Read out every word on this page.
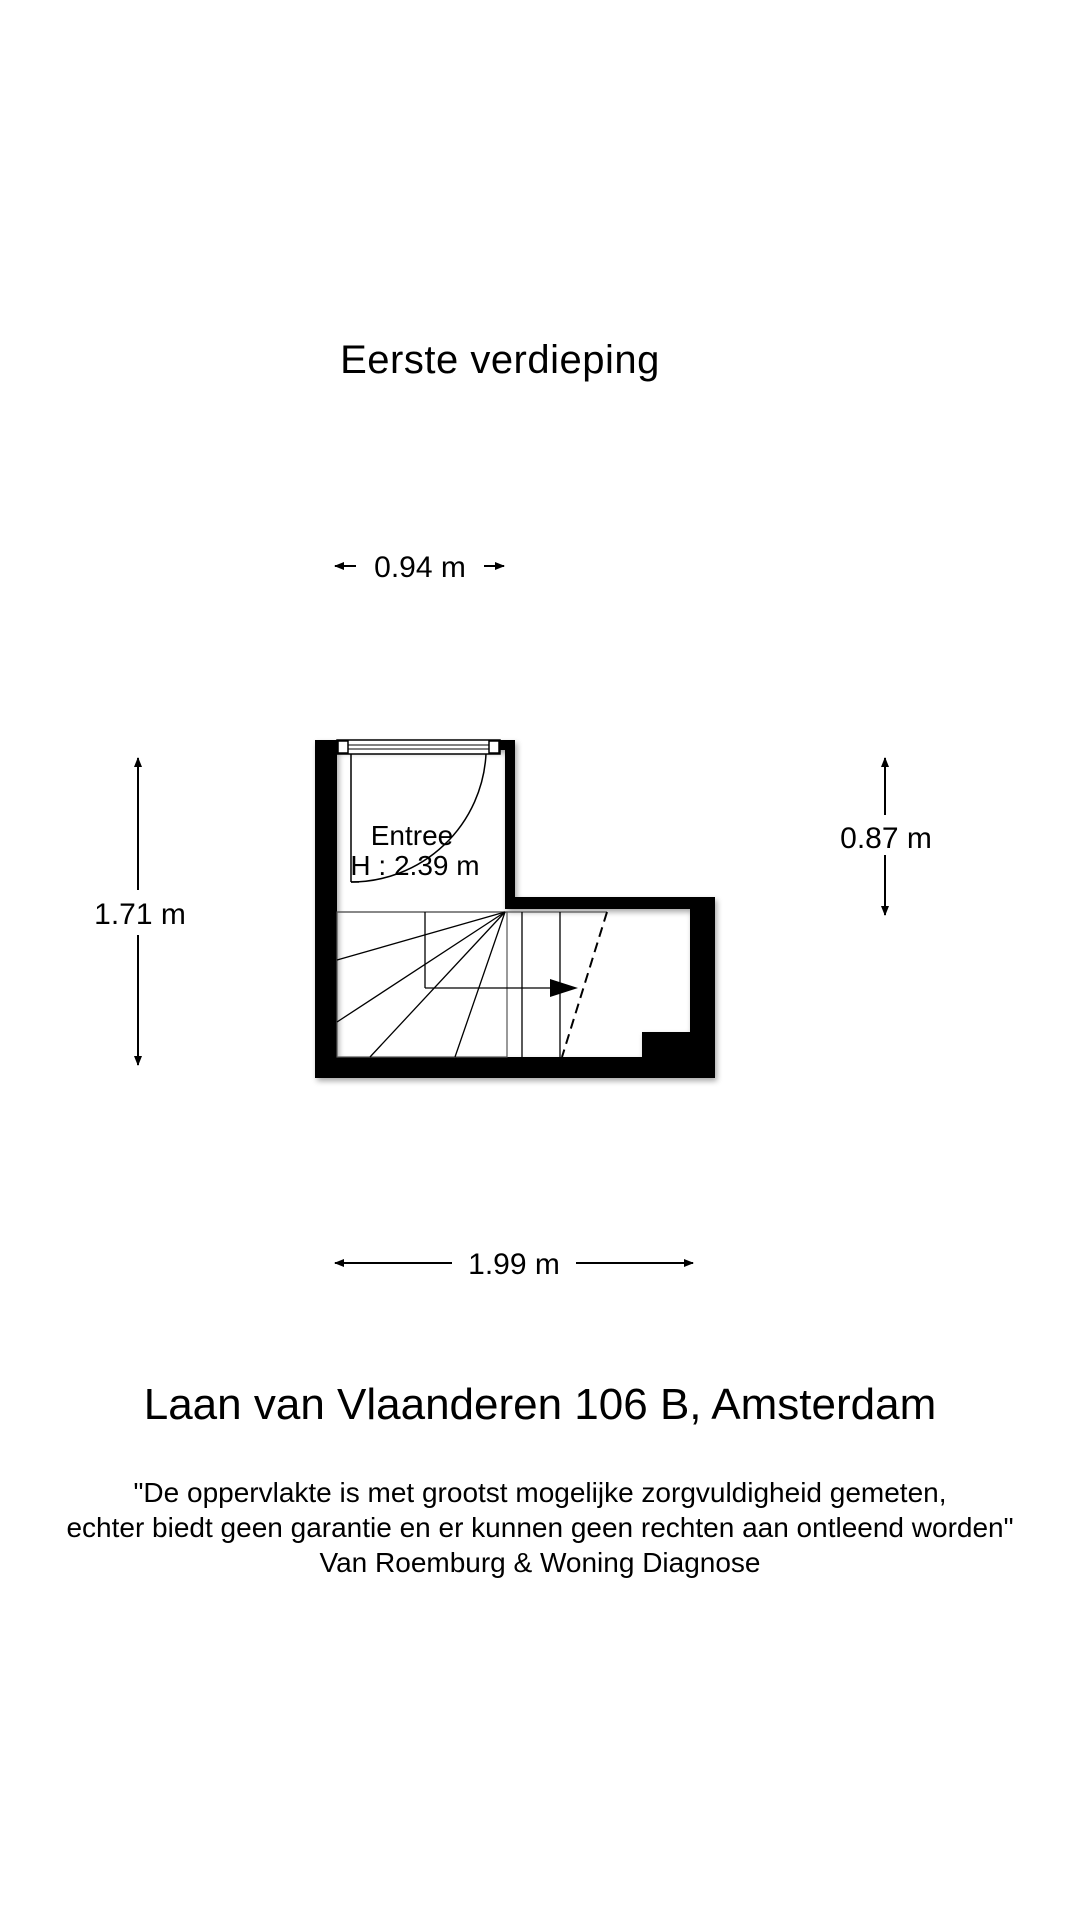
Eerste verdieping
Entree
H : 2.39 m
0.94 m
0.87 m
1.71 m
1.99 m
Laan van Vlaanderen 106 B, Amsterdam
"De oppervlakte is met grootst mogelijke zorgvuldigheid gemeten,
echter biedt geen garantie en er kunnen geen rechten aan ontleend worden"
Van Roemburg & Woning Diagnose
